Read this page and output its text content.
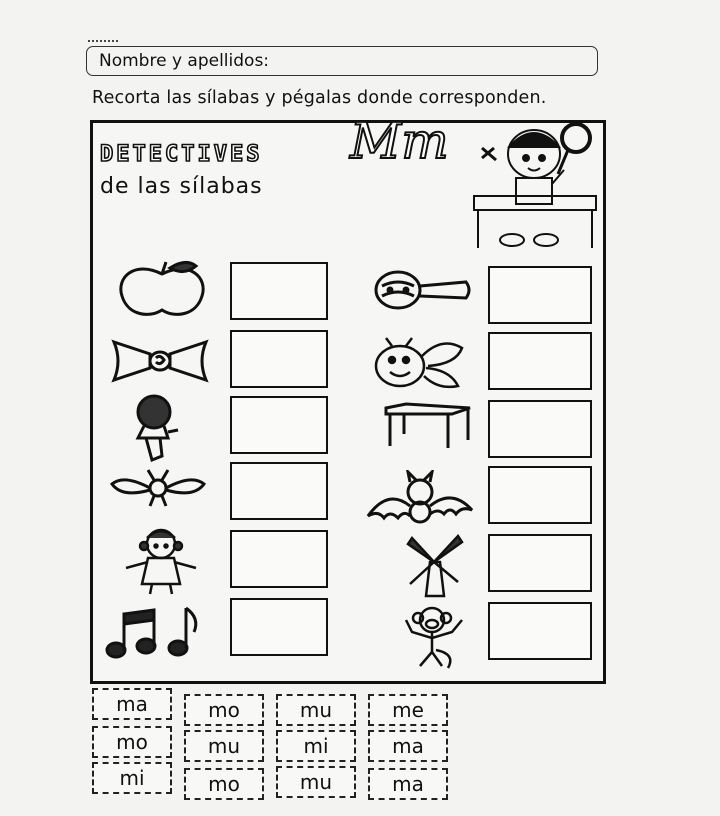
Nombre y apellidos:
Recorta las sílabas y pégalas donde corresponden.
DETECTIVES
de las sílabas
Mm
ma	mo	mu	me
mo	mu	mi	ma
mi	mo	mu	ma
